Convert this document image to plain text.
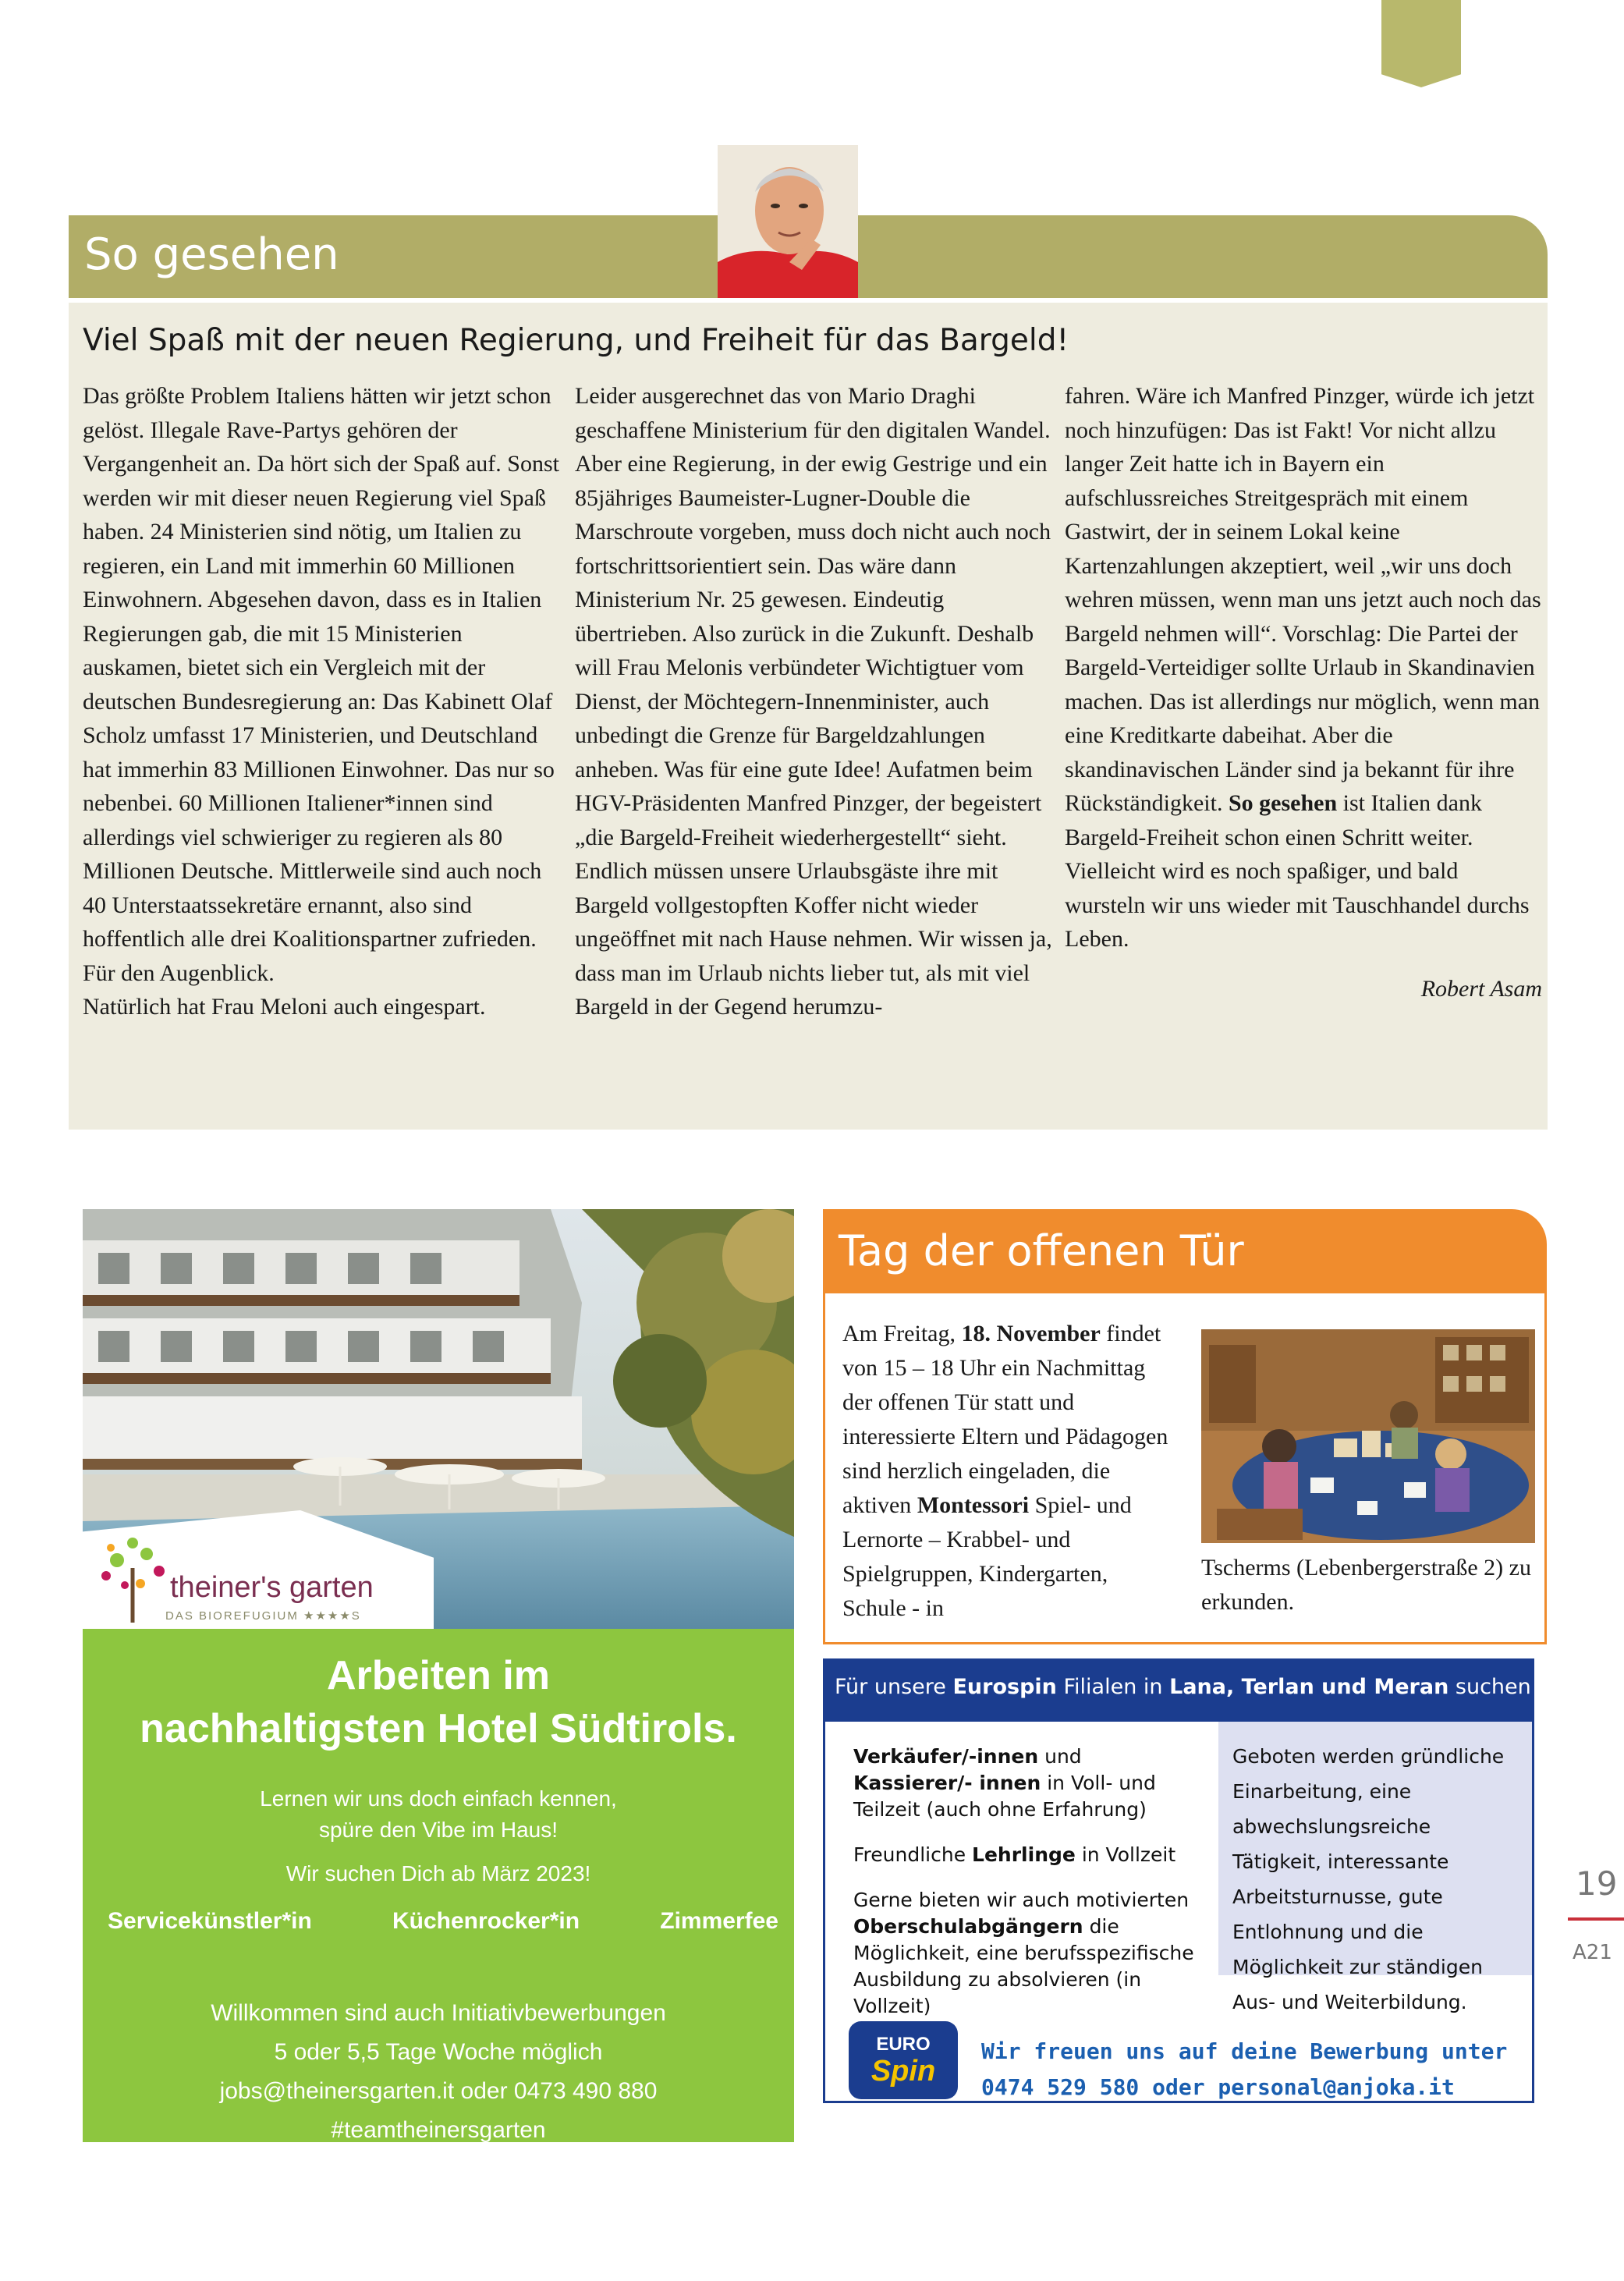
So gesehen
Viel Spaß mit der neuen Regierung, und Freiheit für das Bargeld!

Das größte Problem Italiens hätten wir jetzt schon gelöst. Illegale Rave-Partys gehören der Vergangenheit an. Da hört sich der Spaß auf. Sonst werden wir mit dieser neuen Regierung viel Spaß haben. 24 Ministerien sind nötig, um Italien zu regieren, ein Land mit immerhin 60 Millionen Einwohnern. Abgesehen davon, dass es in Italien Regierungen gab, die mit 15 Ministerien auskamen, bietet sich ein Vergleich mit der deutschen Bundesregierung an: Das Kabinett Olaf Scholz umfasst 17 Ministerien, und Deutschland hat immerhin 83 Millionen Einwohner. Das nur so nebenbei. 60 Millionen Italiener*innen sind allerdings viel schwieriger zu regieren als 80 Millionen Deutsche. Mittlerweile sind auch noch 40 Unterstaatssekretäre ernannt, also sind hoffentlich alle drei Koalitionspartner zufrieden. Für den Augenblick.

Natürlich hat Frau Meloni auch eingespart.

Leider ausgerechnet das von Mario Draghi geschaffene Ministerium für den digitalen Wandel. Aber eine Regierung, in der ewig Gestrige und ein 85jähriges Baumeister-Lugner-Double die Marschroute vorgeben, muss doch nicht auch noch fortschrittsorientiert sein. Das wäre dann Ministerium Nr. 25 gewesen. Eindeutig übertrieben. Also zurück in die Zukunft. Deshalb will Frau Melonis verbündeter Wichtigtuer vom Dienst, der Möchtegern-Innenminister, auch unbedingt die Grenze für Bargeldzahlungen anheben. Was für eine gute Idee! Aufatmen beim HGV-Präsidenten Manfred Pinzger, der begeistert „die Bargeld-Freiheit wiederhergestellt“ sieht. Endlich müssen unsere Urlaubsgäste ihre mit Bargeld vollgestopften Koffer nicht wieder ungeöffnet mit nach Hause nehmen. Wir wissen ja, dass man im Urlaub nichts lieber tut, als mit viel Bargeld in der Gegend herumzu-

fahren. Wäre ich Manfred Pinzger, würde ich jetzt noch hinzufügen: Das ist Fakt! Vor nicht allzu langer Zeit hatte ich in Bayern ein aufschlussreiches Streitgespräch mit einem Gastwirt, der in seinem Lokal keine Kartenzahlungen akzeptiert, weil „wir uns doch wehren müssen, wenn man uns jetzt auch noch das Bargeld nehmen will“. Vorschlag: Die Partei der Bargeld-Verteidiger sollte Urlaub in Skandinavien machen. Das ist allerdings nur möglich, wenn man eine Kreditkarte dabeihat. Aber die skandinavischen Länder sind ja bekannt für ihre Rückständigkeit. So gesehen ist Italien dank Bargeld-Freiheit schon einen Schritt weiter. Vielleicht wird es noch spaßiger, und bald wursteln wir uns wieder mit Tauschhandel durchs Leben.

Robert Asam

theiner's garten
DAS BIOREFUGIUM ★★★★S
Arbeiten im
nachhaltigsten Hotel Südtirols.
Lernen wir uns doch einfach kennen,
spüre den Vibe im Haus!
Wir suchen Dich ab März 2023!
Servicekünstler*in	Küchenrocker*in	Zimmerfee
Willkommen sind auch Initiativbewerbungen
5 oder 5,5 Tage Woche möglich
jobs@theinersgarten.it oder 0473 490 880
#teamtheinersgarten
Tag der offenen Tür
Am Freitag, 18. November findet von 15 – 18 Uhr ein Nachmittag der offenen Tür statt und interessierte Eltern und Pädagogen sind herzlich eingeladen, die aktiven Montessori Spiel- und Lernorte – Krabbel- und Spielgruppen, Kindergarten, Schule - in
Tscherms (Lebenbergerstraße 2) zu erkunden.
Für unsere Eurospin Filialen in Lana, Terlan und Meran suchen wir:

Verkäufer/-innen und Kassierer/- innen in Voll- und Teilzeit (auch ohne Erfahrung)

Freundliche Lehrlinge in Vollzeit

Gerne bieten wir auch motivierten Oberschulabgängern die Möglichkeit, eine berufsspezifische Ausbildung zu absolvieren (in Vollzeit)

Geboten werden gründliche Einarbeitung, eine abwechslungsreiche Tätigkeit, interessante Arbeitsturnusse, gute Entlohnung und die Möglichkeit zur ständigen Aus- und Weiterbildung.
EURO
Spin
Wir freuen uns auf deine Bewerbung unter
0474 529 580 oder personal@anjoka.it
19
A21
